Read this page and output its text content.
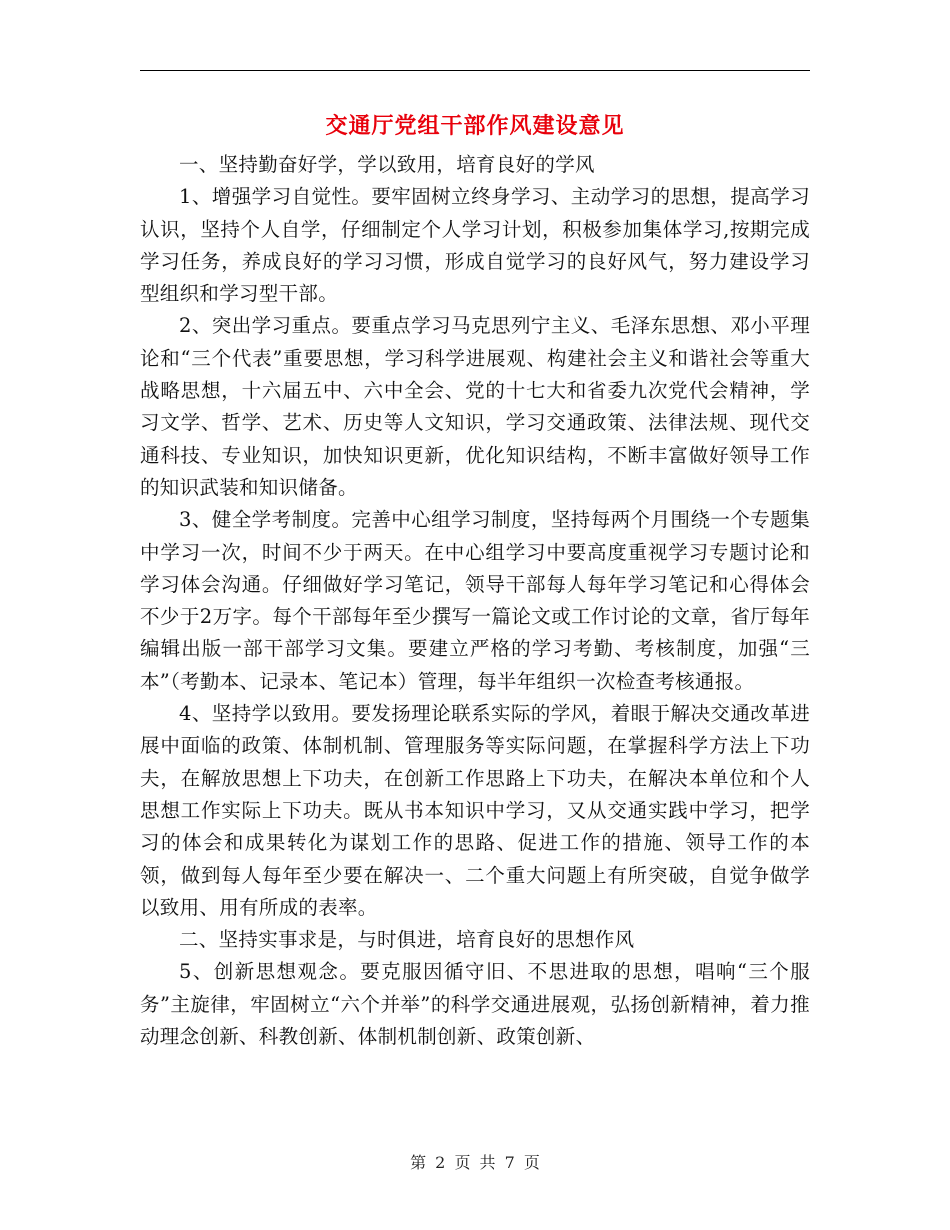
交通厅党组干部作风建设意见

一、坚持勤奋好学，学以致用，培育良好的学风

1、增强学习自觉性。要牢固树立终身学习、主动学习的思想，提高学习认识，坚持个人自学，仔细制定个人学习计划，积极参加集体学习,按期完成学习任务，养成良好的学习习惯，形成自觉学习的良好风气，努力建设学习型组织和学习型干部。

2、突出学习重点。要重点学习马克思列宁主义、毛泽东思想、邓小平理论和“三个代表”重要思想，学习科学进展观、构建社会主义和谐社会等重大战略思想，十六届五中、六中全会、党的十七大和省委九次党代会精神，学习文学、哲学、艺术、历史等人文知识，学习交通政策、法律法规、现代交通科技、专业知识，加快知识更新，优化知识结构，不断丰富做好领导工作的知识武装和知识储备。

3、健全学考制度。完善中心组学习制度，坚持每两个月围绕一个专题集中学习一次，时间不少于两天。在中心组学习中要高度重视学习专题讨论和学习体会沟通。仔细做好学习笔记，领导干部每人每年学习笔记和心得体会不少于2万字。每个干部每年至少撰写一篇论文或工作讨论的文章，省厅每年编辑出版一部干部学习文集。要建立严格的学习考勤、考核制度，加强“三本”（考勤本、记录本、笔记本）管理，每半年组织一次检查考核通报。

4、坚持学以致用。要发扬理论联系实际的学风，着眼于解决交通改革进展中面临的政策、体制机制、管理服务等实际问题，在掌握科学方法上下功夫，在解放思想上下功夫，在创新工作思路上下功夫，在解决本单位和个人思想工作实际上下功夫。既从书本知识中学习，又从交通实践中学习，把学习的体会和成果转化为谋划工作的思路、促进工作的措施、领导工作的本领，做到每人每年至少要在解决一、二个重大问题上有所突破，自觉争做学以致用、用有所成的表率。

二、坚持实事求是，与时俱进，培育良好的思想作风

5、创新思想观念。要克服因循守旧、不思进取的思想，唱响“三个服务”主旋律，牢固树立“六个并举”的科学交通进展观，弘扬创新精神，着力推动理念创新、科教创新、体制机制创新、政策创新、

第 2 页 共 7 页
